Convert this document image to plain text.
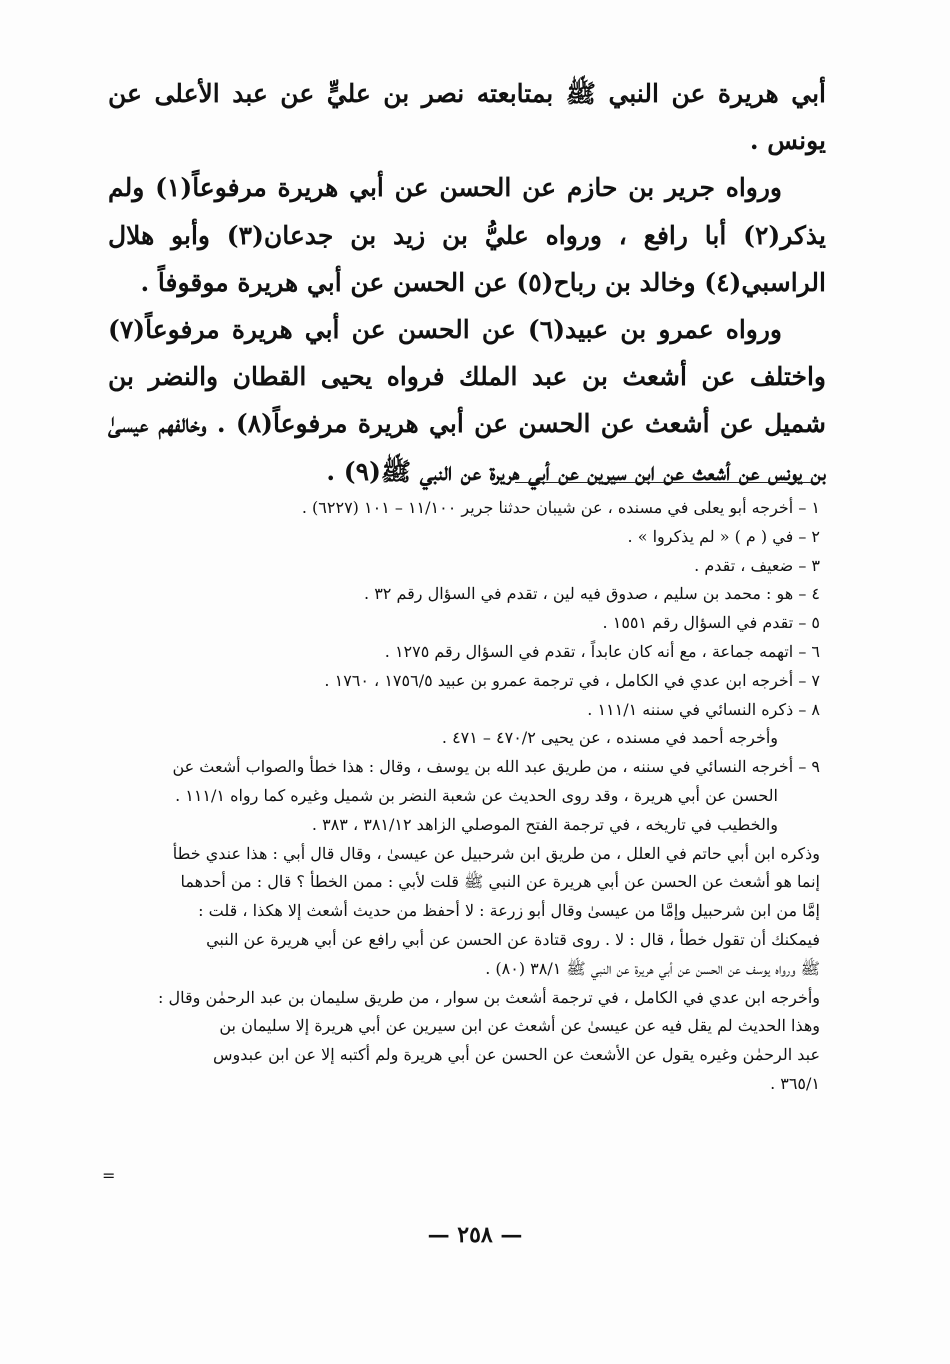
أبي هريرة عن النبي ﷺ بمتابعته نصر بن عليٍّ عن عبد الأعلى عن يونس .

ورواه جرير بن حازم عن الحسن عن أبي هريرة مرفوعاً(١) ولم يذكر(٢) أبا رافع ، ورواه عليُّ بن زيد بن جدعان(٣) وأبو هلال الراسبي(٤) وخالد بن رباح(٥) عن الحسن عن أبي هريرة موقوفاً .

ورواه عمرو بن عبيد(٦) عن الحسن عن أبي هريرة مرفوعاً(٧) واختلف عن أشعث بن عبد الملك فرواه يحيى القطان والنضر بن شميل عن أشعث عن الحسن عن أبي هريرة مرفوعاً(٨) . وخالفهم عيسىٰ بن يونس عن أشعث عن ابن سيرين عن أبي هريرة عن النبي ﷺ(٩) .

١ – أخرجه أبو يعلى في مسنده ، عن شيبان حدثنا جرير ١١/١٠٠ – ١٠١ (٦٢٢٧) .

٢ – في ( م ) « لم يذكروا » .

٣ – ضعيف ، تقدم .

٤ – هو : محمد بن سليم ، صدوق فيه لين ، تقدم في السؤال رقم ٣٢ .

٥ – تقدم في السؤال رقم ١٥٥١ .

٦ – اتهمه جماعة ، مع أنه كان عابداً ، تقدم في السؤال رقم ١٢٧٥ .

٧ – أخرجه ابن عدي في الكامل ، في ترجمة عمرو بن عبيد ١٧٥٦/٥ ، ١٧٦٠ .

٨ – ذكره النسائي في سننه ١١١/١ .

وأخرجه أحمد في مسنده ، عن يحيى ٤٧٠/٢ – ٤٧١ .

٩ – أخرجه النسائي في سننه ، من طريق عبد الله بن يوسف ، وقال : هذا خطأ والصواب أشعث عن
الحسن عن أبي هريرة ، وقد روى الحديث عن شعبة النضر بن شميل وغيره كما رواه ١١١/١ .
والخطيب في تاريخه ، في ترجمة الفتح الموصلي الزاهد ٣٨١/١٢ ، ٣٨٣ .
وذكره ابن أبي حاتم في العلل ، من طريق ابن شرحبيل عن عيسىٰ ، وقال قال أبي : هذا عندي خطأ
إنما هو أشعث عن الحسن عن أبي هريرة عن النبي ﷺ قلت لأبي : ممن الخطأ ؟ قال : من أحدهما
إمَّا من ابن شرحبيل وإمَّا من عيسىٰ وقال أبو زرعة : لا أحفظ من حديث أشعث إلا هكذا ، قلت :
فيمكنك أن تقول خطأ ، قال : لا . روى قتادة عن الحسن عن أبي رافع عن أبي هريرة عن النبي
ﷺ ورواه يوسف عن الحسن عن أبي هريرة عن النبي ﷺ ٣٨/١ (٨٠) .
وأخرجه ابن عدي في الكامل ، في ترجمة أشعث بن سوار ، من طريق سليمان بن عبد الرحمٰن وقال :
وهذا الحديث لم يقل فيه عن عيسىٰ عن أشعث عن ابن سيرين عن أبي هريرة إلا سليمان بن
عبد الرحمٰن وغيره يقول عن الأشعث عن الحسن عن أبي هريرة ولم أكتبه إلا عن ابن عبدوس
٣٦٥/١ .
=
— ٢٥٨ —
